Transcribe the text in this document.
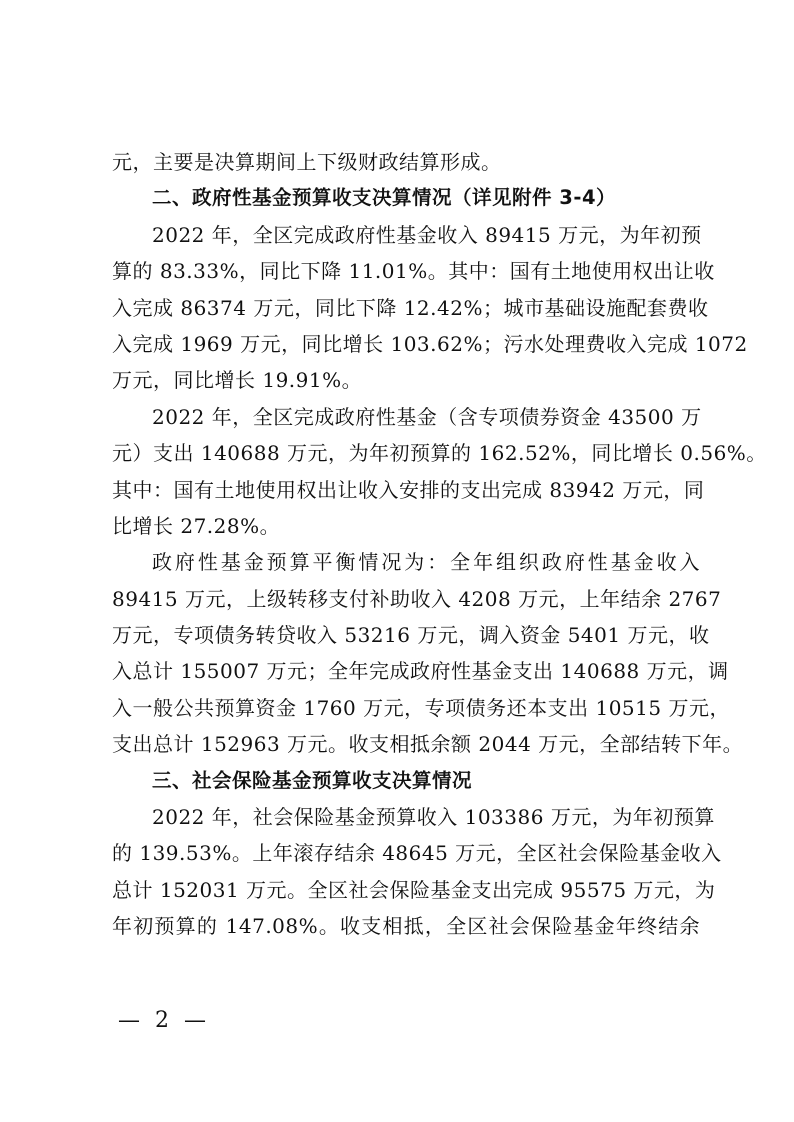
元，主要是决算期间上下级财政结算形成。
二、政府性基金预算收支决算情况（详见附件 3-4）
2022 年，全区完成政府性基金收入 89415 万元，为年初预
算的 83.33%，同比下降 11.01%。其中：国有土地使用权出让收
入完成 86374 万元，同比下降 12.42%；城市基础设施配套费收
入完成 1969 万元，同比增长 103.62%；污水处理费收入完成 1072
万元，同比增长 19.91%。
2022 年，全区完成政府性基金（含专项债券资金 43500 万
元）支出 140688 万元，为年初预算的 162.52%，同比增长 0.56%。
其中：国有土地使用权出让收入安排的支出完成 83942 万元，同
比增长 27.28%。
政府性基金预算平衡情况为：全年组织政府性基金收入
89415 万元，上级转移支付补助收入 4208 万元，上年结余 2767
万元，专项债务转贷收入 53216 万元，调入资金 5401 万元，收
入总计 155007 万元；全年完成政府性基金支出 140688 万元，调
入一般公共预算资金 1760 万元，专项债务还本支出 10515 万元，
支出总计 152963 万元。收支相抵余额 2044 万元，全部结转下年。
三、社会保险基金预算收支决算情况
2022 年，社会保险基金预算收入 103386 万元，为年初预算
的 139.53%。上年滚存结余 48645 万元，全区社会保险基金收入
总计 152031 万元。全区社会保险基金支出完成 95575 万元，为
年初预算的 147.08%。收支相抵，全区社会保险基金年终结余
— 2 —
